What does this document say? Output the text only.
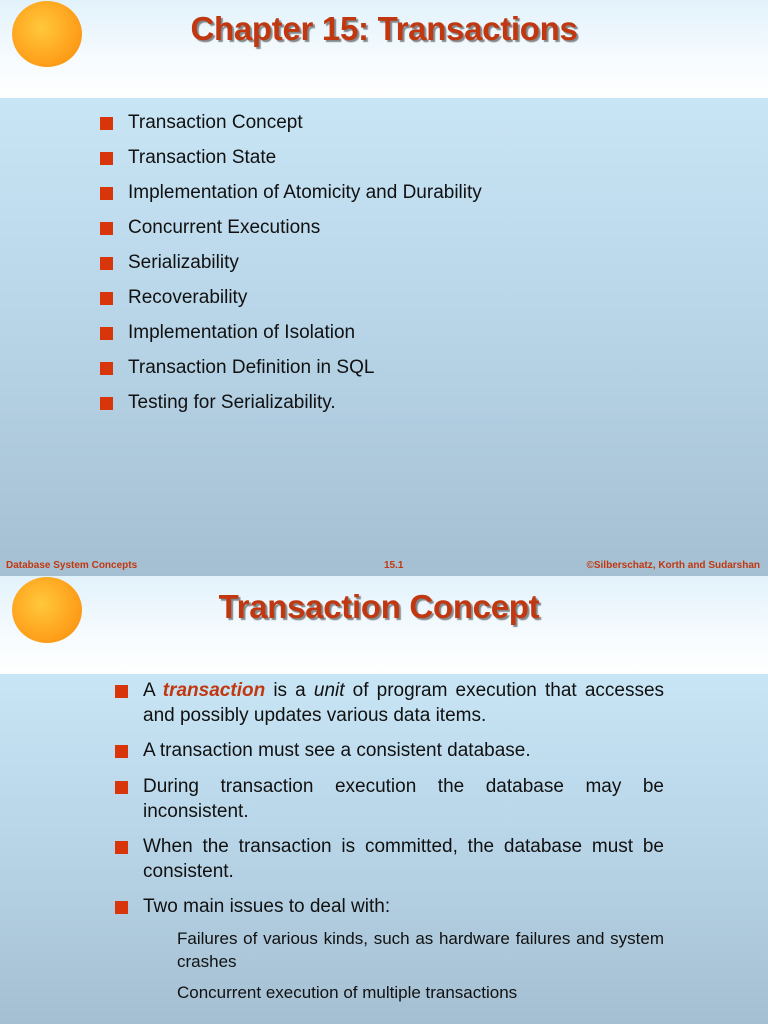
Chapter 15: Transactions
Transaction Concept
Transaction State
Implementation of Atomicity and Durability
Concurrent Executions
Serializability
Recoverability
Implementation of Isolation
Transaction Definition in SQL
Testing for Serializability.
Database System Concepts	15.1	©Silberschatz, Korth and Sudarshan
Transaction Concept
A transaction is a unit of program execution that accesses and possibly updates various data items.
A transaction must see a consistent database.
During transaction execution the database may be inconsistent.
When the transaction is committed, the database must be consistent.
Two main issues to deal with:
Failures of various kinds, such as hardware failures and system crashes
Concurrent execution of multiple transactions
